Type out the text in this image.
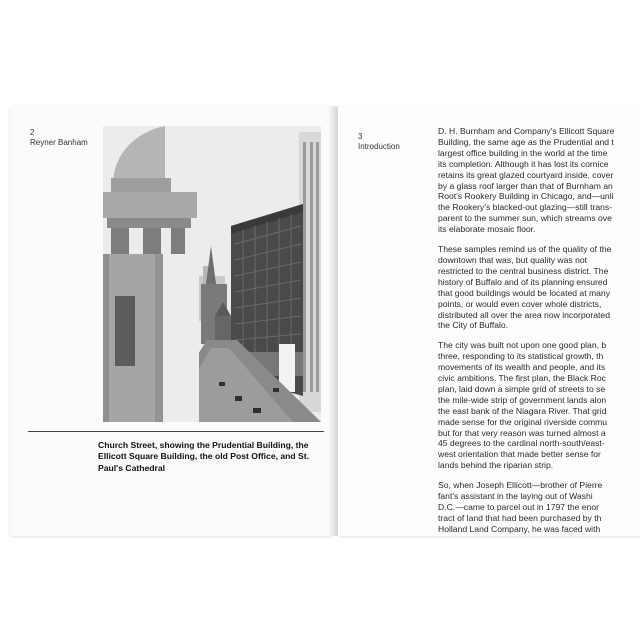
2
Reyner Banham
Church Street, showing the Prudential Building, the Ellicott Square Building, the old Post Office, and St. Paul's Cathedral
3
Introduction

D. H. Burnham and Company's Ellicott Square
Building, the same age as the Prudential and t
largest office building in the world at the time
its completion. Although it has lost its cornice
retains its great glazed courtyard inside, cover
by a glass roof larger than that of Burnham an
Root's Rookery Building in Chicago, and—unli
the Rookery's blacked-out glazing—still trans-
parent to the summer sun, which streams ove
its elaborate mosaic floor.

These samples remind us of the quality of the
downtown that was, but quality was not
restricted to the central business district. The
history of Buffalo and of its planning ensured
that good buildings would be located at many
points, or would even cover whole districts,
distributed all over the area now incorporated
the City of Buffalo.

The city was built not upon one good plan, b
three, responding to its statistical growth, th
movements of its wealth and people, and its
civic ambitions. The first plan, the Black Roc
plan, laid down a simple grid of streets to se
the mile-wide strip of government lands alon
the east bank of the Niagara River. That grid
made sense for the original riverside commu
but for that very reason was turned almost a
45 degrees to the cardinal north-south/east-
west orientation that made better sense for
lands behind the riparian strip.

So, when Joseph Ellicott—brother of Pierre
fant's assistant in the laying out of Washi
D.C.—came to parcel out in 1797 the enor
tract of land that had been purchased by th
Holland Land Company, he was faced with
